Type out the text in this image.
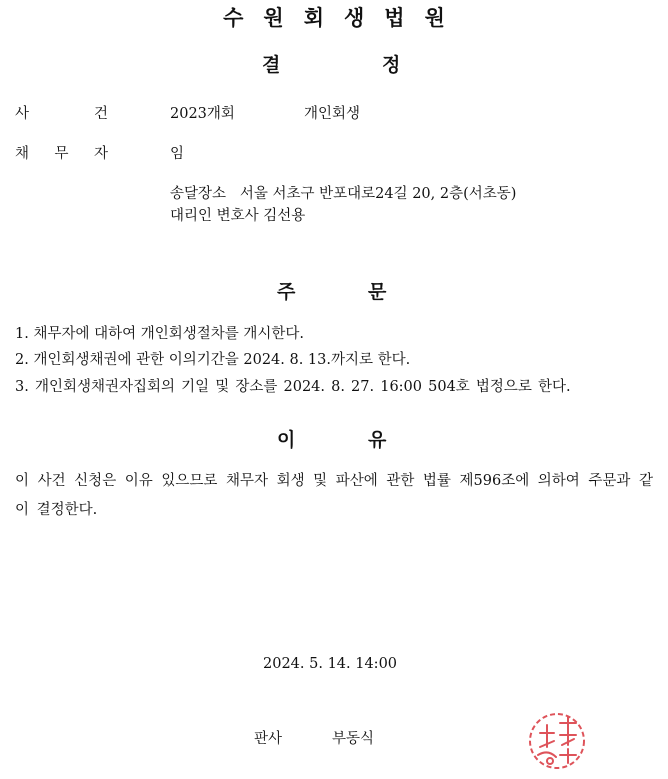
수원회생법원
결	정
사	건	2023개회	개인회생
채 무 자	임
송달장소   서울 서초구 반포대로24길 20, 2층(서초동)
대리인 변호사 김선용
주	문
1. 채무자에 대하여 개인회생절차를 개시한다.
2. 개인회생채권에 관한 이의기간을 2024. 8. 13.까지로 한다.
3. 개인회생채권자집회의 기일 및 장소를 2024. 8. 27. 16:00 504호 법정으로 한다.
이	유
이 사건 신청은 이유 있으므로 채무자 회생 및 파산에 관한 법률 제596조에 의하여 주문과 같이 결정한다.
2024. 5. 14. 14:00
판사	부동식
